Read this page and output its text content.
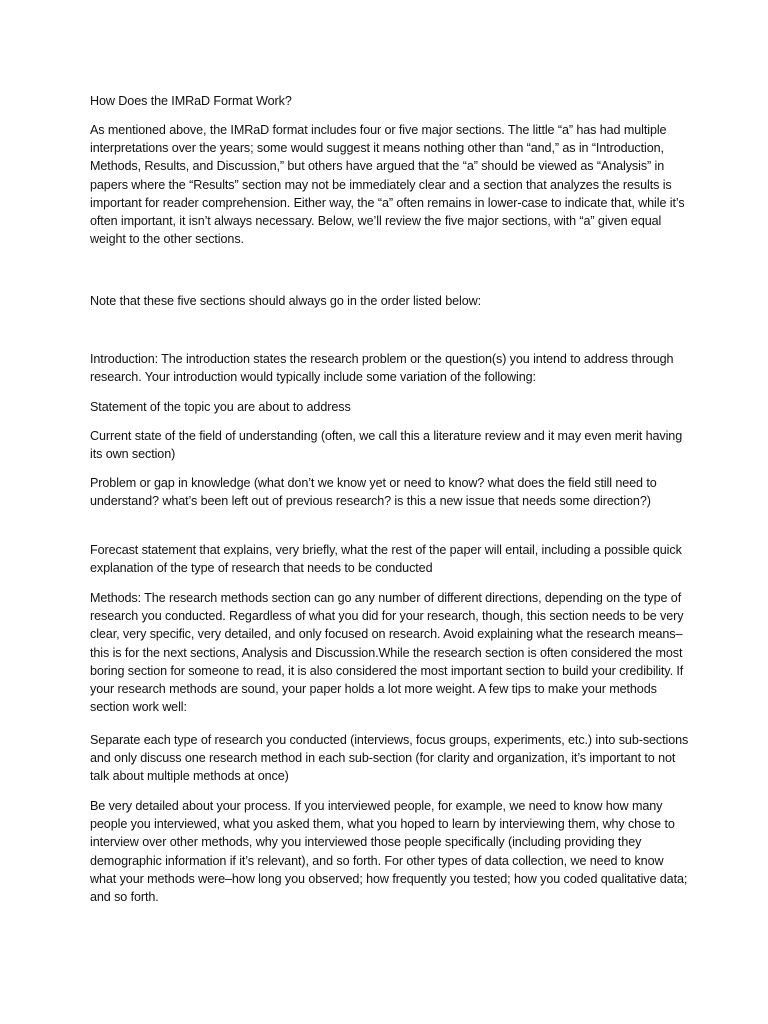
How Does the IMRaD Format Work?

As mentioned above, the IMRaD format includes four or five major sections. The little “a” has had multiple interpretations over the years; some would suggest it means nothing other than “and,” as in “Introduction, Methods, Results, and Discussion,” but others have argued that the “a” should be viewed as “Analysis” in papers where the “Results” section may not be immediately clear and a section that analyzes the results is important for reader comprehension. Either way, the “a” often remains in lower-case to indicate that, while it’s often important, it isn’t always necessary. Below, we’ll review the five major sections, with “a” given equal weight to the other sections.

Note that these five sections should always go in the order listed below:

Introduction: The introduction states the research problem or the question(s) you intend to address through research. Your introduction would typically include some variation of the following:

Statement of the topic you are about to address

Current state of the field of understanding (often, we call this a literature review and it may even merit having its own section)

Problem or gap in knowledge (what don’t we know yet or need to know? what does the field still need to understand? what’s been left out of previous research? is this a new issue that needs some direction?)

Forecast statement that explains, very briefly, what the rest of the paper will entail, including a possible quick explanation of the type of research that needs to be conducted

Methods: The research methods section can go any number of different directions, depending on the type of research you conducted. Regardless of what you did for your research, though, this section needs to be very clear, very specific, very detailed, and only focused on research. Avoid explaining what the research means–this is for the next sections, Analysis and Discussion.While the research section is often considered the most boring section for someone to read, it is also considered the most important section to build your credibility. If your research methods are sound, your paper holds a lot more weight. A few tips to make your methods section work well:

Separate each type of research you conducted (interviews, focus groups, experiments, etc.) into sub-sections and only discuss one research method in each sub-section (for clarity and organization, it’s important to not talk about multiple methods at once)

Be very detailed about your process. If you interviewed people, for example, we need to know how many people you interviewed, what you asked them, what you hoped to learn by interviewing them, why chose to interview over other methods, why you interviewed those people specifically (including providing they demographic information if it’s relevant), and so forth. For other types of data collection, we need to know what your methods were–how long you observed; how frequently you tested; how you coded qualitative data; and so forth.
